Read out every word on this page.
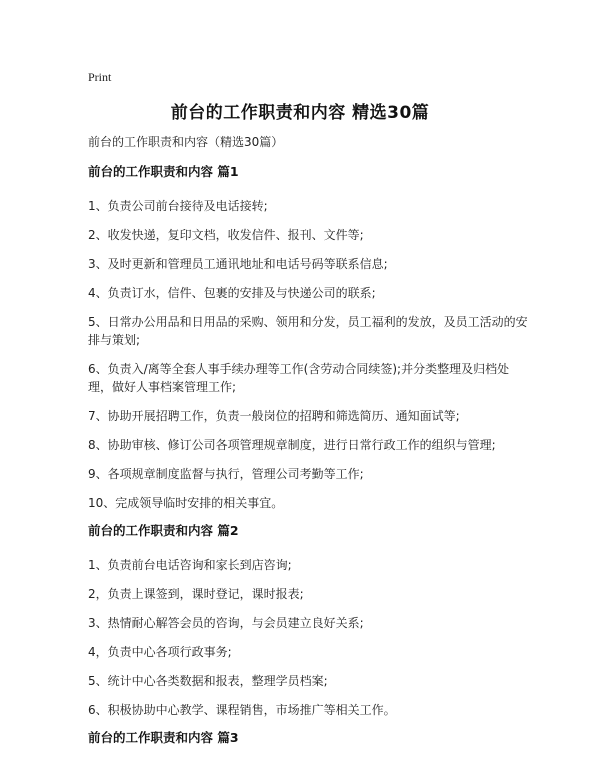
Print
前台的工作职责和内容 精选30篇
前台的工作职责和内容（精选30篇）

前台的工作职责和内容 篇1

1、负责公司前台接待及电话接转;

2、收发快递，复印文档，收发信件、报刊、文件等;

3、及时更新和管理员工通讯地址和电话号码等联系信息;

4、负责订水，信件、包裹的安排及与快递公司的联系;

5、日常办公用品和日用品的采购、领用和分发，员工福利的发放，及员工活动的安排与策划;

6、负责入/离等全套人事手续办理等工作(含劳动合同续签);并分类整理及归档处理，做好人事档案管理工作;

7、协助开展招聘工作，负责一般岗位的招聘和筛选简历、通知面试等;

8、协助审核、修订公司各项管理规章制度，进行日常行政工作的组织与管理;

9、各项规章制度监督与执行，管理公司考勤等工作;

10、完成领导临时安排的相关事宜。

前台的工作职责和内容 篇2

1、负责前台电话咨询和家长到店咨询;

2，负责上课签到，课时登记，课时报表;

3、热情耐心解答会员的咨询，与会员建立良好关系;

4，负责中心各项行政事务;

5、统计中心各类数据和报表，整理学员档案;

6、积极协助中心教学、课程销售，市场推广等相关工作。

前台的工作职责和内容 篇3
